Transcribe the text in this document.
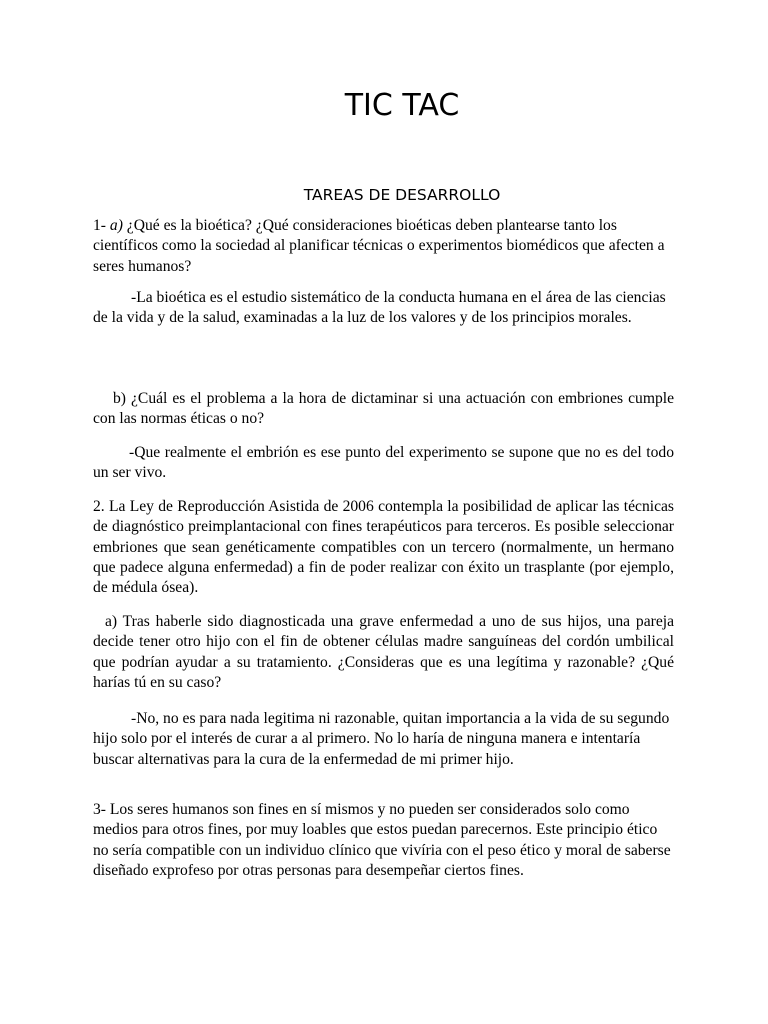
TIC TAC
TAREAS DE DESARROLLO

1- a) ¿Qué es la bioética? ¿Qué consideraciones bioéticas deben plantearse tanto los científicos como la sociedad al planificar técnicas o experimentos biomédicos que afecten a seres humanos?

-La bioética es el estudio sistemático de la conducta humana en el área de las ciencias de la vida y de la salud, examinadas a la luz de los valores y de los principios morales.

b) ¿Cuál es el problema a la hora de dictaminar si una actuación con embriones cumple con las normas éticas o no?

-Que realmente el embrión es ese punto del experimento se supone que no es del todo un ser vivo.

2. La Ley de Reproducción Asistida de 2006 contempla la posibilidad de aplicar las técnicas de diagnóstico preimplantacional con fines terapéuticos para terceros. Es posible seleccionar embriones que sean genéticamente compatibles con un tercero (normalmente, un hermano que padece alguna enfermedad) a fin de poder realizar con éxito un trasplante (por ejemplo, de médula ósea).

a) Tras haberle sido diagnosticada una grave enfermedad a uno de sus hijos, una pareja decide tener otro hijo con el fin de obtener células madre sanguíneas del cordón umbilical que podrían ayudar a su tratamiento. ¿Consideras que es una legítima y razonable? ¿Qué harías tú en su caso?

-No, no es para nada legitima ni razonable, quitan importancia a la vida de su segundo hijo solo por el interés de curar a al primero. No lo haría de ninguna manera e intentaría buscar alternativas para la cura de la enfermedad de mi primer hijo.

3- Los seres humanos son fines en sí mismos y no pueden ser considerados solo como medios para otros fines, por muy loables que estos puedan parecernos. Este principio ético no sería compatible con un individuo clínico que vivíria con el peso ético y moral de saberse diseñado exprofeso por otras personas para desempeñar ciertos fines.
